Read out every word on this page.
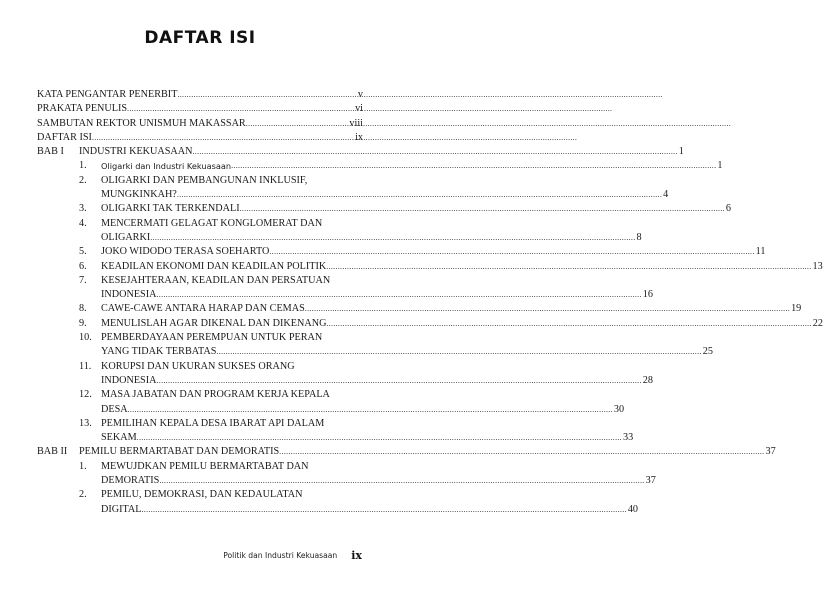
DAFTAR ISI
KATA PENGANTAR PENERBIT .....	v
PRAKATA PENULIS .....	vi
SAMBUTAN REKTOR UNISMUH MAKASSAR .....	viii
DAFTAR ISI .....	ix
BAB I	INDUSTRI KEKUASAAN .....	1
1.	Oligarki dan Industri Kekuasaan .....	1
2.	OLIGARKI DAN PEMBANGUNAN INKLUSIF,
MUNGKINKAH? .....	4
3.	OLIGARKI TAK TERKENDALI .....	6
4.	MENCERMATI GELAGAT KONGLOMERAT DAN
OLIGARKI .....	8
5.	JOKO WIDODO TERASA SOEHARTO .....	11
6.	KEADILAN EKONOMI DAN KEADILAN POLITIK .....	13
7.	KESEJAHTERAAN, KEADILAN DAN PERSATUAN
INDONESIA .....	16
8.	CAWE-CAWE ANTARA HARAP DAN CEMAS .....	19
9.	MENULISLAH AGAR DIKENAL DAN DIKENANG .....	22
10. PEMBERDAYAAN PEREMPUAN UNTUK PERAN
YANG TIDAK TERBATAS .....	25
11. KORUPSI DAN UKURAN SUKSES ORANG
INDONESIA .....	28
12. MASA JABATAN DAN PROGRAM KERJA KEPALA
DESA .....	30
13. PEMILIHAN KEPALA DESA IBARAT API DALAM
SEKAM .....	33
BAB II	PEMILU BERMARTABAT DAN DEMORATIS .....	37
1.	MEWUJDKAN PEMILU BERMARTABAT DAN
DEMORATIS .....	37
2.	PEMILU, DEMOKRASI, DAN KEDAULATAN
DIGITAL .....	40
Politik dan Industri Kekuasaan ix
